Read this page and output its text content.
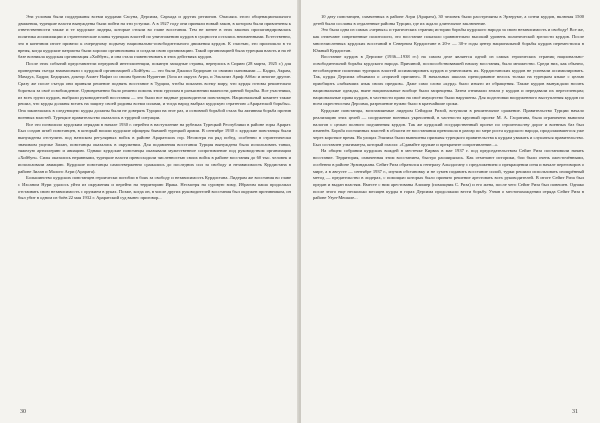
Эти условия были поддержаны всеми курдами Сасуна, Дерсима, Сархада и других регионов. Опасаясь этого общенационального движения, турецкие власти вынуждены были пойти на эти уступки. А в 1927 году они приняли новый закон, в котором были привлечены к ответственности также и те курдские лидеры, которые стояли во главе восстания. Тем не менее в этих законах пропагандировалась политика ассимиляции и стратегические планы турецких властей по уничтожению курдов в сущности остались неизменными. Естественно, это в конечном итоге привело к очередному подъему национально-освободительного движения курдов. К счастью, это произошло в то время, когда курдские патриоты были хорошо организованы и создали свою организацию. Такой организацией была турецкая власть и на её базе возникла курдская организация «Хойбун», и она стала главенствовать в этих действиях курдов.

После этих событий представители передовой интеллигенции, покинув западные страны, вернулись в Сирию (28 марта, 1925 г.) для проведения съезда взаимосвязи с курдской организацией «Хойбун» — это были Джалил Бедирхан со своими сыновьями — Кадри, Акрам, Мамдух, Бадри; Бедирхан, доктор Ахмет Нафиз со своим братом Нураттин (Зоза из округа Агри, и Эльзазиз Ариф Аббас и многие другие. Сразу же после съезда они приняли решение поднять восстание в Турции, чтобы показать всему миру, что курды готовы решительно бороться за своё освобождение. Одновременно было решено помочь этим группам в разъяснении важности данной борьбы. Все участники, из всех групп курдов, выбрали руководителей восстания — это были все видные руководители повстанцев. Национальный комитет также решил, что курды должны встать на защиту своей родины всеми силами, и тогда народ выбрал курдскую стратегию «Араратской борьбы». Она заключалась в следующем: курды должны были не доверять Турции на этот раз, и основной борьбой стала бы активная борьба против военных властей. Турецкое правительство оказалось в трудной ситуации.

Все это позволило курдским отрядам в начале 1930 г. перейти в наступление на рубежах Турецкой Республики в районе горы Арарат. Был создан штаб повстанцев, в который вошли курдские офицеры бывшей турецкой армии. В сентябре 1930 г. курдские повстанцы были вынуждены отступить под натиском регулярных войск в районе Араратских гор. Несмотря на ряд побед, особенно в стратегически значимом ущелье Зилан, повстанцы оказались в окружении. Для подавления восстания Турция вынуждена была использовать танки, тяжелую артиллерию и авиацию. Однако курдские повстанцы оказывали мужественное сопротивление под руководством организации «Хойбун». Силы оказались неравными, турецкие власти превосходили численностью своих войск в районе восстания до 60 тыс. человек и использовали авиацию. Курдские повстанцы самоотверженно сражались до последних сил за свободу и независимость Курдистана в районе Зилан и Малого Агри (Арарата).

Большинство курдских повстанцев героически погибли в боях за свободу и независимость Курдистана. Лидерам же восстания во главе с Ихсаном Нури удалось уйти из окружения и перейти на территорию Ирака. Несмотря на суровую зиму, Ибрагим паша продолжал отстаивать свою независимость с оружием в руках. Позже, когда он, в числе других руководителей восстания был окружен противником, он был убит в одном из боёв 22 мая 1932 г. Араратский суд вынес приговор...

30

10 дату повстанцев, схваченных в районе Агри (Арарата), 30 человек были расстреляны в Эрзеруме, а сотни курдов, включая 1500 детей были сосланы в отдаленные районы Турции, где их ждало длительное заключение.

Это была одна из самых «черных» и трагических страниц истории борьбы курдского народа за свою независимость и свободу! Все же, как отмечают современные политологи, это восстание показало сравнительно высокий уровень политической зрелости курдов. После многочисленных курдских восстаний в Северном Курдистане в 20-е — 30-е годы центр национальной борьбы курдов переместился в Южный Курдистан.

Восстание курдов в Дерсиме (1936—1938 гг.) на самом деле является одной из самых героических страниц национально-освободительной борьбы курдского народа. Причиной, поспособствовавшей началу восстания, было множество. Среди них, как обычно, несоблюдение политики турецких властей ассимилировать курдов и уничтожить их. Курдистанских курдов не успевали ассимилировать. Так, курды Дерсима объявили о «горячей причине». В начальных школах преподавание велось только на турецком языке с целью приобщить «забывших язык своих предков». Даже само слово «курд» было изъято из обращения. Также курдов вынуждали носить национальные одежды, ныне национальные вообще были запрещены. Затем отнимали земли у курдов и передавали их переселенцам; национальные права курдов, в частности право на своё имущество были нарушены. Для подготовки вооруженного выступления курдов по всем окрестностям Дерсима, разрешение нужно было в кратчайшие сроки.

Курдские повстанцы, возглавляемые лидером Сейидом Ризой, вступили в решительное сражение. Правительство Турции начало реализацию этих целей — сооружение военных укреплений, в частности крупный проект М. А. Гасратяна, была ограничена вывозом налогов с целью полного подчинения курдов. Так же курдский государственный проект по строительству дорог и военных баз был изменён. Борьба постоянных властей в области ее восстанания превзошла в разгар по мере роста курдского народа, продолжившегося уже через короткое время. На улицах Элязиха были вывешены призывы турецкого правительства к курдам уважать и слушаться правительство. Был составлен ультиматум, который гласил: «Сдавайте оружие и прекратите сопротивление...».

На общем собрании курдских вождей в местечке Кирвах в мае 1937 г. под председательством Сейит Риза постановили начать восстание. Территория, охваченная этим восстанием, быстро расширялась. Как отмечают историки, бои были очень ожесточёнными, особенно в районе Эрзинджана. Сейит Риза обратился к генералу Альпдогану с предложением о прекращении огня и начале переговоров о мире, а в августе — сентябре 1937 г., изучив обстановку и не сумев подавить восстание силой, турки решили использовать изощрённый метод — предательство в лидерах, с помощью которых было принято решение арестовать всех руководителей. В итоге Сейит Риза был предан и выдан властям. Вместе с ним арестованы Алишер (помощник С. Риза) и его жена, после чего Сейит Риза был повешен. Однако после этого еще несколько месяцев курды в горах Дерсима продолжали вести борьбу. Узнав о местонахождении отряда Сейит Риза в районе Узун-Мешале...

31
